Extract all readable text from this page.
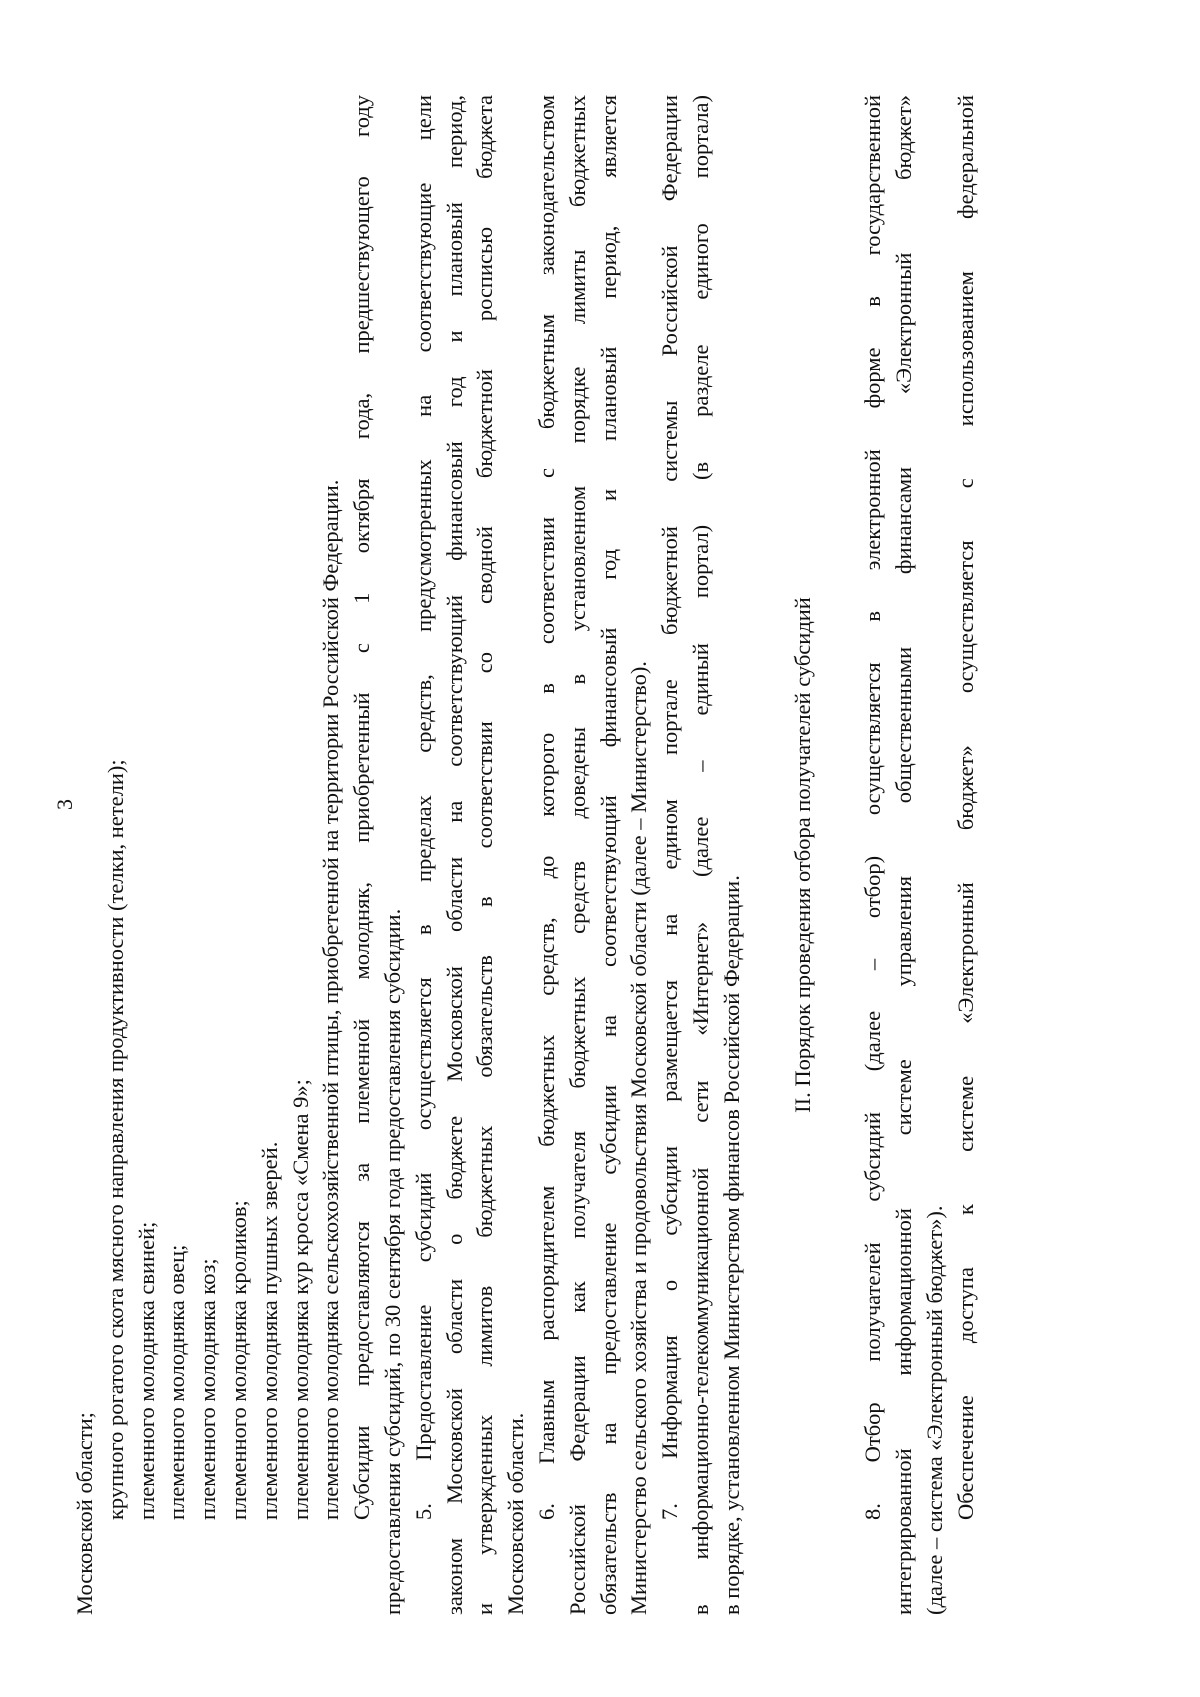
3
Московской области; крупного рогатого скота мясного направления продуктивности (телки, нетели); племенного молодняка свиней; племенного молодняка овец; племенного молодняка коз; племенного молодняка кроликов; племенного молодняка пушных зверей. племенного молодняка кур кросса «Смена 9»; племенного молодняка сельскохозяйственной птицы, приобретенной на территории Российской Федерации. Субсидии предоставляются за племенной молодняк, приобретенный с 1 октября года, предшествующего году предоставления субсидий, по 30 сентября года предоставления субсидии. 5. Предоставление субсидий осуществляется в пределах средств, предусмотренных на соответствующие цели законом Московской области о бюджете Московской области на соответствующий финансовый год и плановый период, и утвержденных лимитов бюджетных обязательств в соответствии со сводной бюджетной росписью бюджета Московской области. 6. Главным распорядителем бюджетных средств, до которого в соответствии с бюджетным законодательством Российской Федерации как получателя бюджетных средств доведены в установленном порядке лимиты бюджетных обязательств на предоставление субсидии на соответствующий финансовый год и плановый период, является Министерство сельского хозяйства и продовольствия Московской области (далее – Министерство). 7. Информация о субсидии размещается на едином портале бюджетной системы Российской Федерации в информационно-телекоммуникационной сети «Интернет» (далее – единый портал) (в разделе единого портала) в порядке, установленном Министерством финансов Российской Федерации.
II. Порядок проведения отбора получателей субсидий 8. Отбор получателей субсидий (далее – отбор) осуществляется в электронной форме в государственной интегрированной информационной системе управления общественными финансами «Электронный бюджет» (далее – система «Электронный бюджет»). Обеспечение доступа к системе «Электронный бюджет» осуществляется с использованием федеральной
